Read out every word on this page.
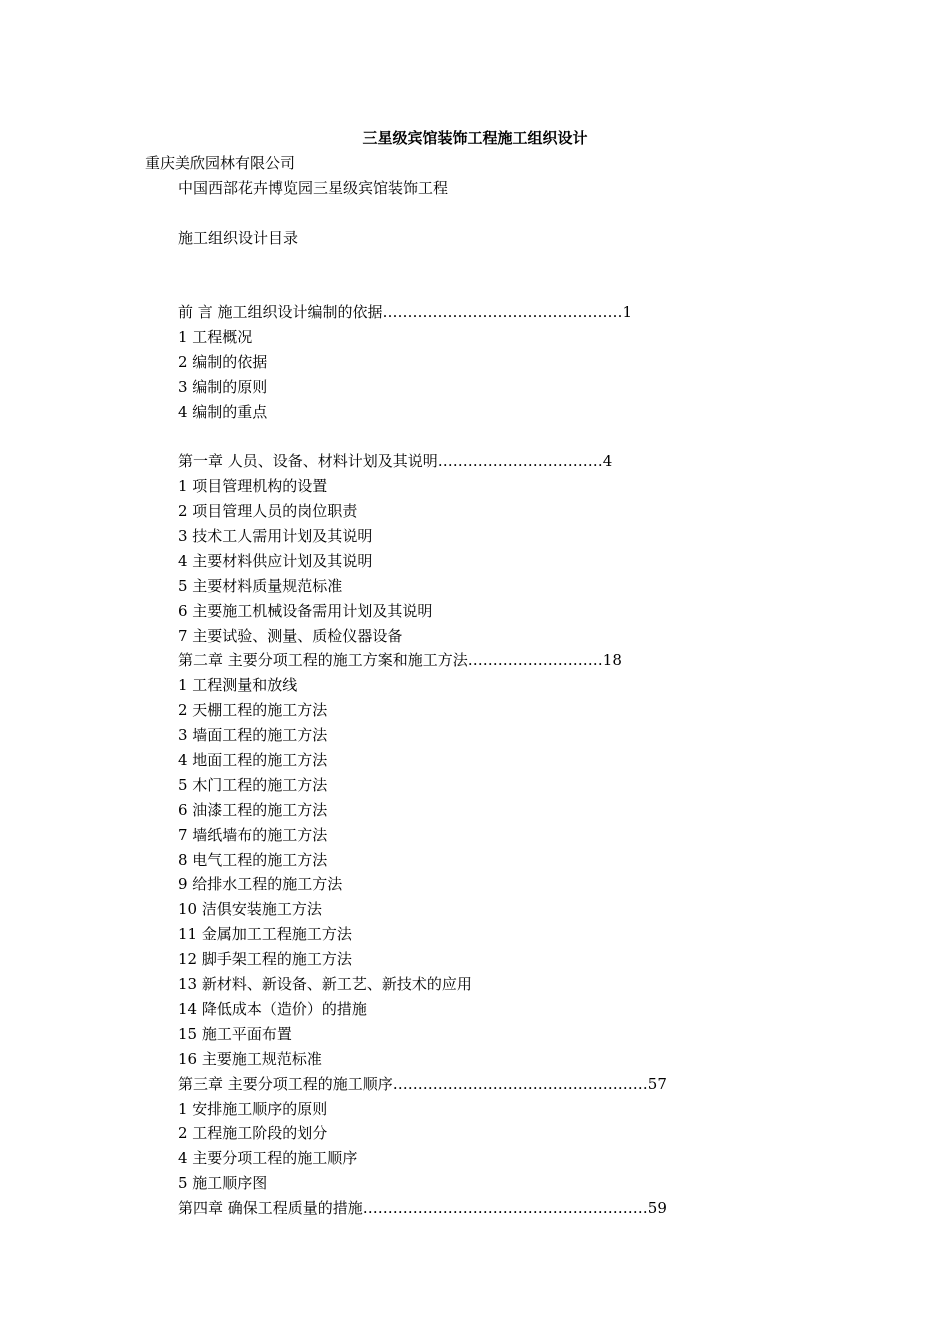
三星级宾馆装饰工程施工组织设计
重庆美欣园林有限公司
中国西部花卉博览园三星级宾馆装饰工程
施工组织设计目录
前 言 施工组织设计编制的依据…………………………………………1
1 工程概况
2 编制的依据
3 编制的原则
4 编制的重点
第一章 人员、设备、材料计划及其说明……………………………4
1 项目管理机构的设置
2 项目管理人员的岗位职责
3 技术工人需用计划及其说明
4 主要材料供应计划及其说明
5 主要材料质量规范标准
6 主要施工机械设备需用计划及其说明
7 主要试验、测量、质检仪器设备
第二章 主要分项工程的施工方案和施工方法………………………18
1 工程测量和放线
2 天棚工程的施工方法
3 墙面工程的施工方法
4 地面工程的施工方法
5 木门工程的施工方法
6 油漆工程的施工方法
7 墙纸墙布的施工方法
8 电气工程的施工方法
9 给排水工程的施工方法
10 洁俱安装施工方法
11 金属加工工程施工方法
12 脚手架工程的施工方法
13 新材料、新设备、新工艺、新技术的应用
14 降低成本（造价）的措施
15 施工平面布置
16 主要施工规范标准
第三章 主要分项工程的施工顺序……………………………………………57
1 安排施工顺序的原则
2 工程施工阶段的划分
4 主要分项工程的施工顺序
5 施工顺序图
第四章 确保工程质量的措施…………………………………………………59
